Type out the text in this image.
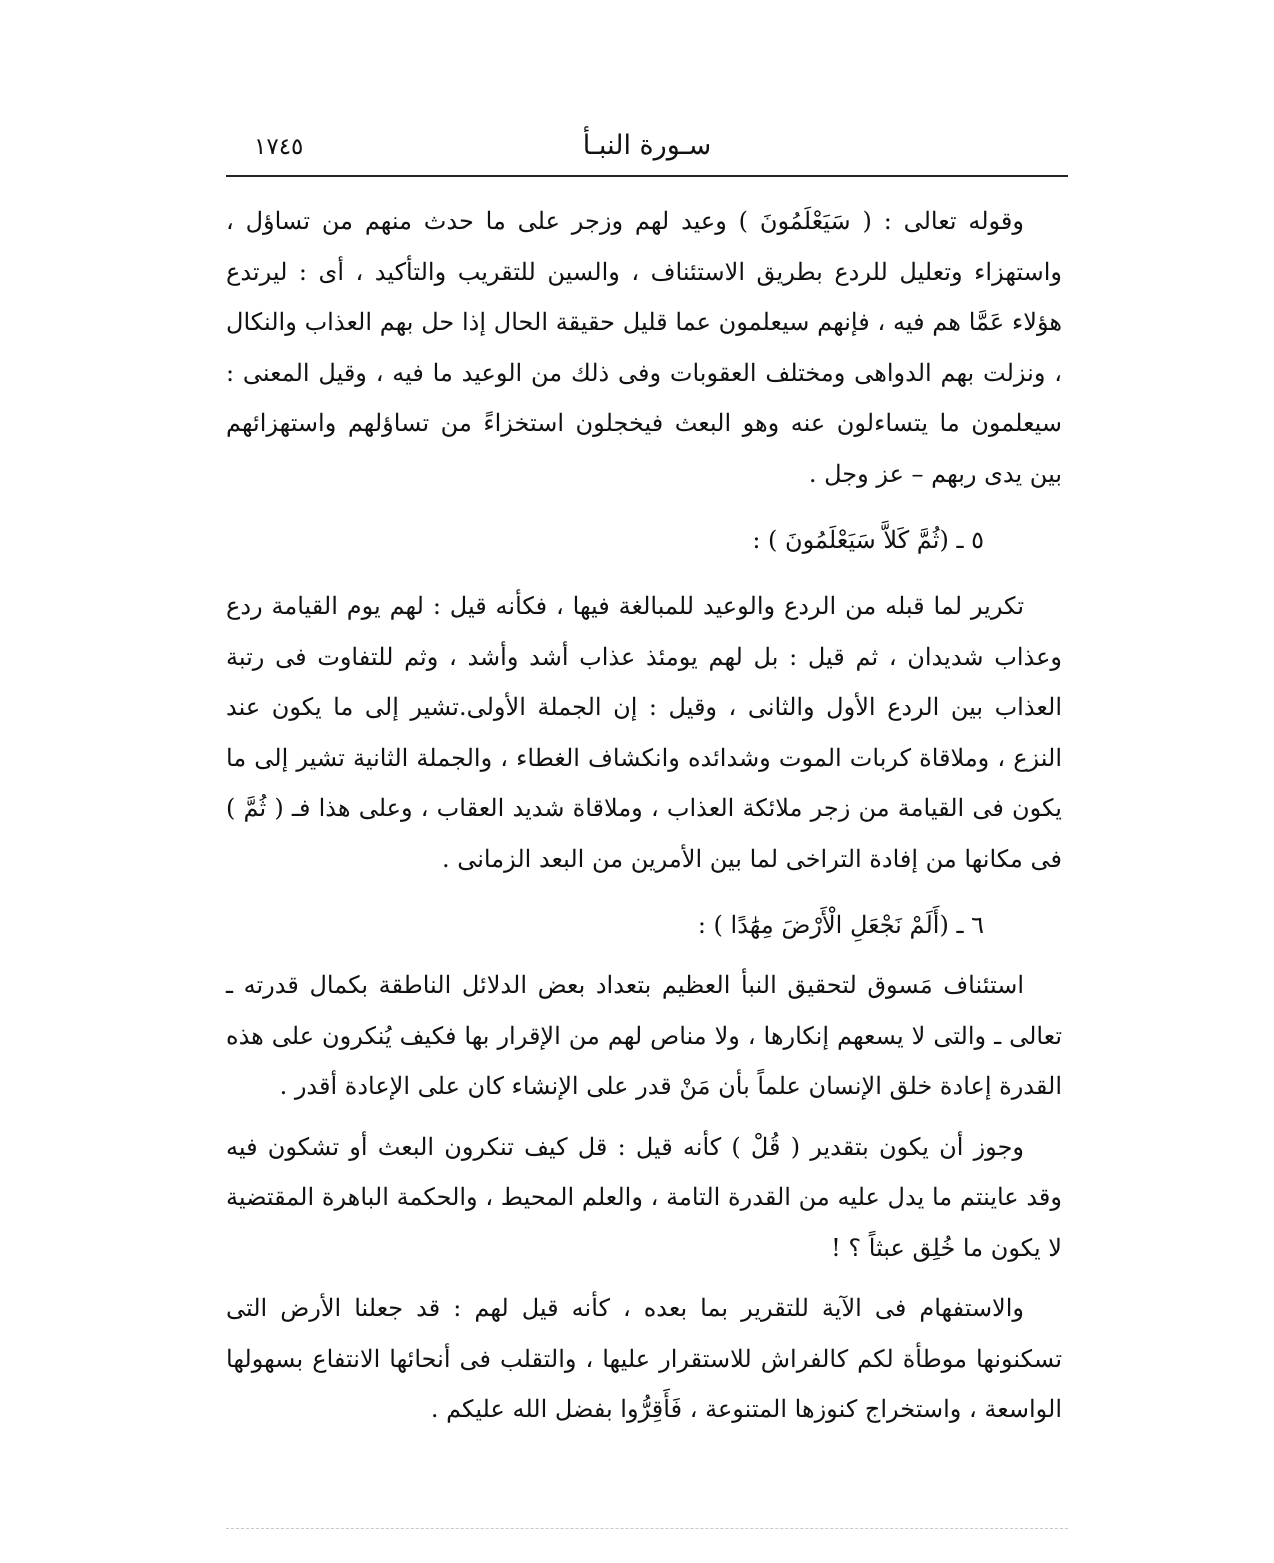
سـورة النبـأ
١٧٤٥

وقوله تعالى : ( سَيَعْلَمُونَ ) وعيد لهم وزجر على ما حدث منهم من تساؤل ، واستهزاء وتعليل للردع بطريق الاستئناف ، والسين للتقريب والتأكيد ، أى : ليرتدع هؤلاء عَمَّا هم فيه ، فإنهم سيعلمون عما قليل حقيقة الحال إذا حل بهم العذاب والنكال ، ونزلت بهم الدواهى ومختلف العقوبات وفى ذلك من الوعيد ما فيه ، وقيل المعنى : سيعلمون ما يتساءلون عنه وهو البعث فيخجلون استخزاءً من تساؤلهم واستهزائهم بين يدى ربهم – عز وجل .

٥ ـ (ثُمَّ كَلاَّ سَيَعْلَمُونَ ) :

تكرير لما قبله من الردع والوعيد للمبالغة فيها ، فكأنه قيل : لهم يوم القيامة ردع وعذاب شديدان ، ثم قيل : بل لهم يومئذ عذاب أشد وأشد ، وثم للتفاوت فى رتبة العذاب بين الردع الأول والثانى ، وقيل : إن الجملة الأولى.تشير إلى ما يكون عند النزع ، وملاقاة كربات الموت وشدائده وانكشاف الغطاء ، والجملة الثانية تشير إلى ما يكون فى القيامة من زجر ملائكة العذاب ، وملاقاة شديد العقاب ، وعلى هذا فـ ( ثُمَّ ) فى مكانها من إفادة التراخى لما بين الأمرين من البعد الزمانى .

٦ ـ (أَلَمْ نَجْعَلِ الْأَرْضَ مِهَٰدًا ) :

استئناف مَسوق لتحقيق النبأ العظيم بتعداد بعض الدلائل الناطقة بكمال قدرته ـ تعالى ـ والتى لا يسعهم إنكارها ، ولا مناص لهم من الإقرار بها فكيف يُنكرون على هذه القدرة إعادة خلق الإنسان علماً بأن مَنْ قدر على الإنشاء كان على الإعادة أقدر .

وجوز أن يكون بتقدير ( قُلْ ) كأنه قيل : قل كيف تنكرون البعث أو تشكون فيه وقد عاينتم ما يدل عليه من القدرة التامة ، والعلم المحيط ، والحكمة الباهرة المقتضية لا يكون ما خُلِق عبثاً ؟ !

والاستفهام فى الآية للتقرير بما بعده ، كأنه قيل لهم : قد جعلنا الأرض التى تسكنونها موطأة لكم كالفراش للاستقرار عليها ، والتقلب فى أنحائها الانتفاع بسهولها الواسعة ، واستخراج كنوزها المتنوعة ، فَأَقِرُّوا بفضل الله عليكم .
